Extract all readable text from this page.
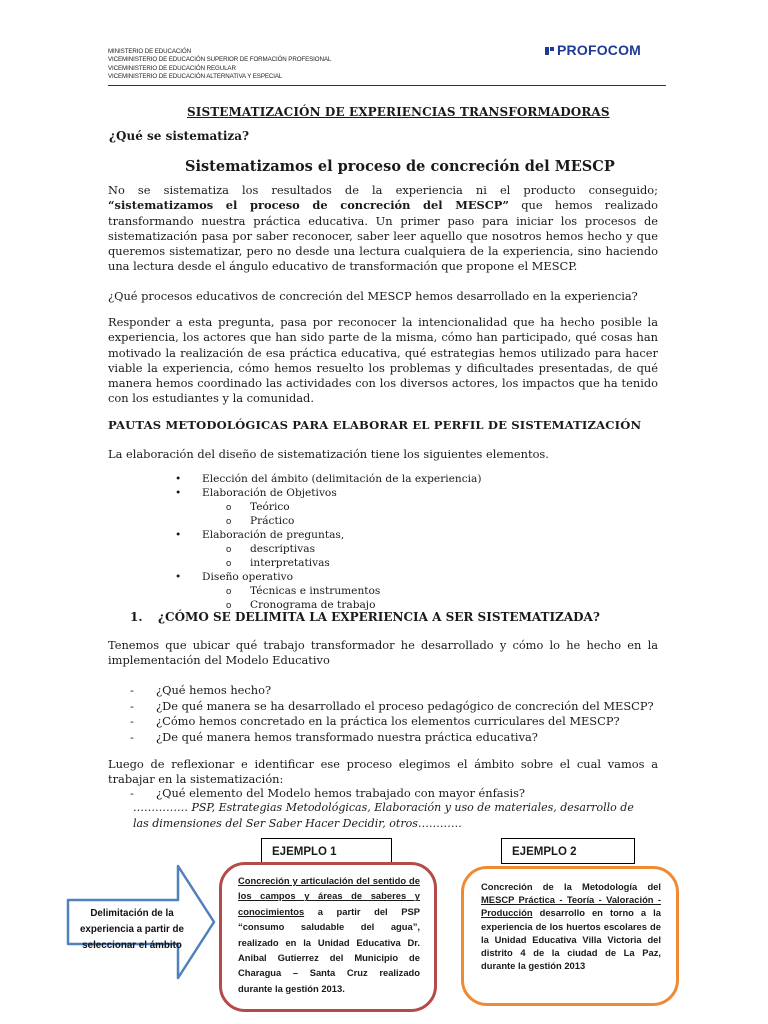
MINISTERIO DE EDUCACIÓN
VICEMINISTERIO DE EDUCACIÓN SUPERIOR DE FORMACIÓN PROFESIONAL
VICEMINISTERIO DE EDUCACIÓN REGULAR
VICEMINISTERIO DE EDUCACIÓN ALTERNATIVA Y ESPECIAL
PROFOCOM
SISTEMATIZACIÓN DE EXPERIENCIAS TRANSFORMADORAS
¿Qué se sistematiza?
Sistematizamos el proceso de concreción del MESCP
No se sistematiza los resultados de la experiencia ni el producto conseguido; “sistematizamos el proceso de concreción del MESCP” que hemos realizado transformando nuestra práctica educativa. Un primer paso para iniciar los procesos de sistematización pasa por saber reconocer, saber leer aquello que nosotros hemos hecho y que queremos sistematizar, pero no desde una lectura cualquiera de la experiencia, sino haciendo una lectura desde el ángulo educativo de transformación que propone el MESCP.
¿Qué procesos educativos de concreción del MESCP hemos desarrollado en la experiencia?
Responder a esta pregunta, pasa por reconocer la intencionalidad que ha hecho posible la experiencia, los actores que han sido parte de la misma, cómo han participado, qué cosas han motivado la realización de esa práctica educativa, qué estrategias hemos utilizado para hacer viable la experiencia, cómo hemos resuelto los problemas y dificultades presentadas, de qué manera hemos coordinado las actividades con los diversos actores, los impactos que ha tenido con los estudiantes y la comunidad.
PAUTAS METODOLÓGICAS PARA ELABORAR EL PERFIL DE SISTEMATIZACIÓN
La elaboración del diseño de sistematización tiene los siguientes elementos.
• Elección del ámbito (delimitación de la experiencia)
• Elaboración de Objetivos
o Teórico
o Práctico
• Elaboración de preguntas,
o descriptivas
o interpretativas
• Diseño operativo
o Técnicas e instrumentos
o Cronograma de trabajo
1. ¿CÓMO SE DELIMITA LA EXPERIENCIA A SER SISTEMATIZADA?
Tenemos que ubicar qué trabajo transformador he desarrollado y cómo lo he hecho en la implementación del Modelo Educativo
- ¿Qué hemos hecho?
- ¿De qué manera se ha desarrollado el proceso pedagógico de concreción del MESCP?
- ¿Cómo hemos concretado en la práctica los elementos curriculares del MESCP?
- ¿De qué manera hemos transformado nuestra práctica educativa?
Luego de reflexionar e identificar ese proceso elegimos el ámbito sobre el cual vamos a trabajar en la sistematización:
- ¿Qué elemento del Modelo hemos trabajado con mayor énfasis?
…………… PSP, Estrategias Metodológicas, Elaboración y uso de materiales, desarrollo de las dimensiones del Ser Saber Hacer Decidir, otros…………
EJEMPLO 1	EJEMPLO 2
Delimitación de la experiencia a partir de seleccionar el ámbito
Concreción y articulación del sentido de los campos y áreas de saberes y conocimientos a partir del PSP “consumo saludable del agua”, realizado en la Unidad Educativa Dr. Anibal Gutierrez del Municipio de Charagua – Santa Cruz realizado durante la gestión 2013.
Concreción de la Metodología del MESCP Práctica - Teoría - Valoración - Producción desarrollo en torno a la experiencia de los huertos escolares de la Unidad Educativa Villa Victoria del distrito 4 de la ciudad de La Paz, durante la gestión 2013
